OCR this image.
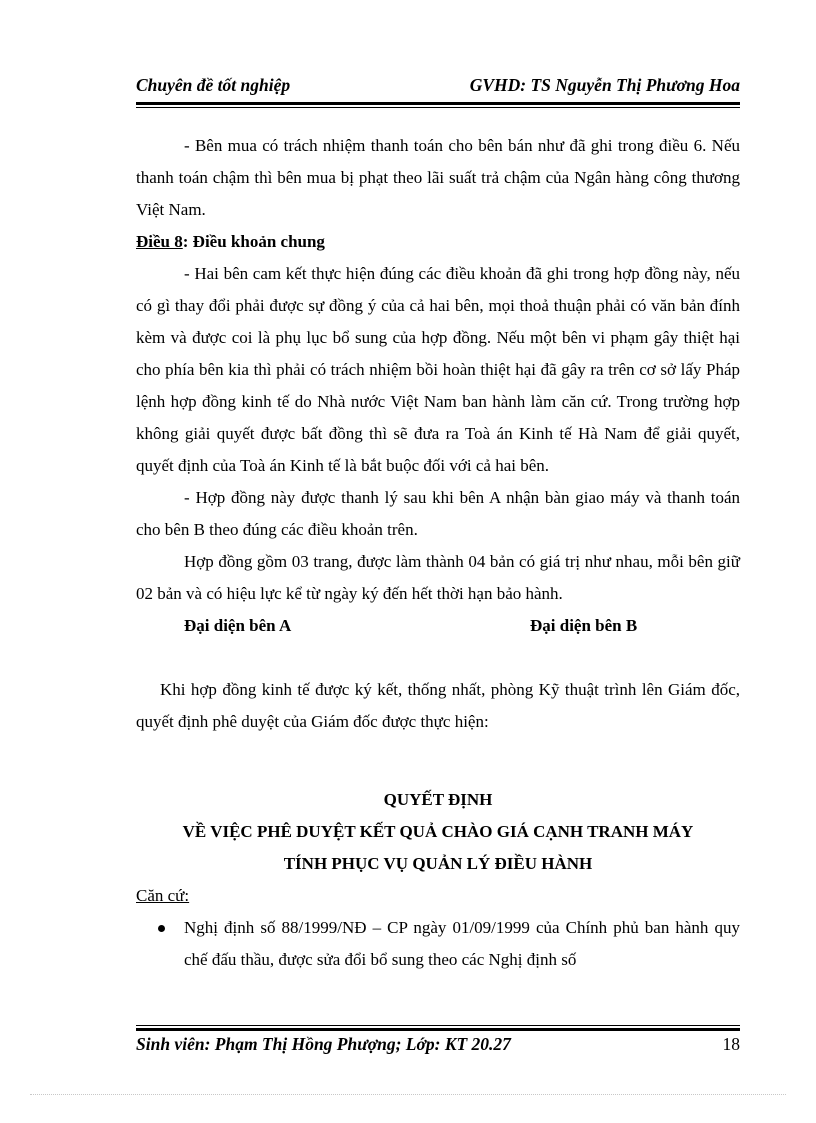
Chuyên đề tốt nghiệp	GVHD: TS Nguyễn Thị Phương Hoa

- Bên mua có trách nhiệm thanh toán cho bên bán như đã ghi trong điều 6. Nếu thanh toán chậm thì bên mua bị phạt theo lãi suất trả chậm của Ngân hàng công thương Việt Nam.

Điều 8: Điều khoản chung

- Hai bên cam kết thực hiện đúng các điều khoản đã ghi trong hợp đồng này, nếu có gì thay đổi phải được sự đồng ý của cả hai bên, mọi thoả thuận phải có văn bản đính kèm và được coi là phụ lục bổ sung của hợp đồng. Nếu một bên vi phạm gây thiệt hại cho phía bên kia thì phải có trách nhiệm bồi hoàn thiệt hại đã gây ra trên cơ sở lấy Pháp lệnh hợp đồng kinh tế do Nhà nước Việt Nam ban hành làm căn cứ. Trong trường hợp không giải quyết được bất đồng thì sẽ đưa ra Toà án Kinh tế Hà Nam để giải quyết, quyết định của Toà án Kinh tế là bắt buộc đối với cả hai bên.

- Hợp đồng này được thanh lý sau khi bên A nhận bàn giao máy và thanh toán cho bên B theo đúng các điều khoản trên.

Hợp đồng gồm 03 trang, được làm thành 04 bản có giá trị như nhau, mỗi bên giữ 02 bản và có hiệu lực kể từ ngày ký đến hết thời hạn bảo hành.

Đại diện bên A	Đại diện bên B

Khi hợp đồng kinh tế được ký kết, thống nhất, phòng Kỹ thuật trình lên Giám đốc, quyết định phê duyệt của Giám đốc được thực hiện:

QUYẾT ĐỊNH

VỀ VIỆC PHÊ DUYỆT KẾT QUẢ CHÀO GIÁ CẠNH TRANH MÁY

TÍNH PHỤC VỤ QUẢN LÝ ĐIỀU HÀNH

Căn cứ:

Nghị định số 88/1999/NĐ – CP ngày 01/09/1999 của Chính phủ ban hành quy chế đấu thầu, được sửa đổi bổ sung theo các Nghị định số
Sinh viên: Phạm Thị Hồng Phượng; Lớp: KT 20.27	18
